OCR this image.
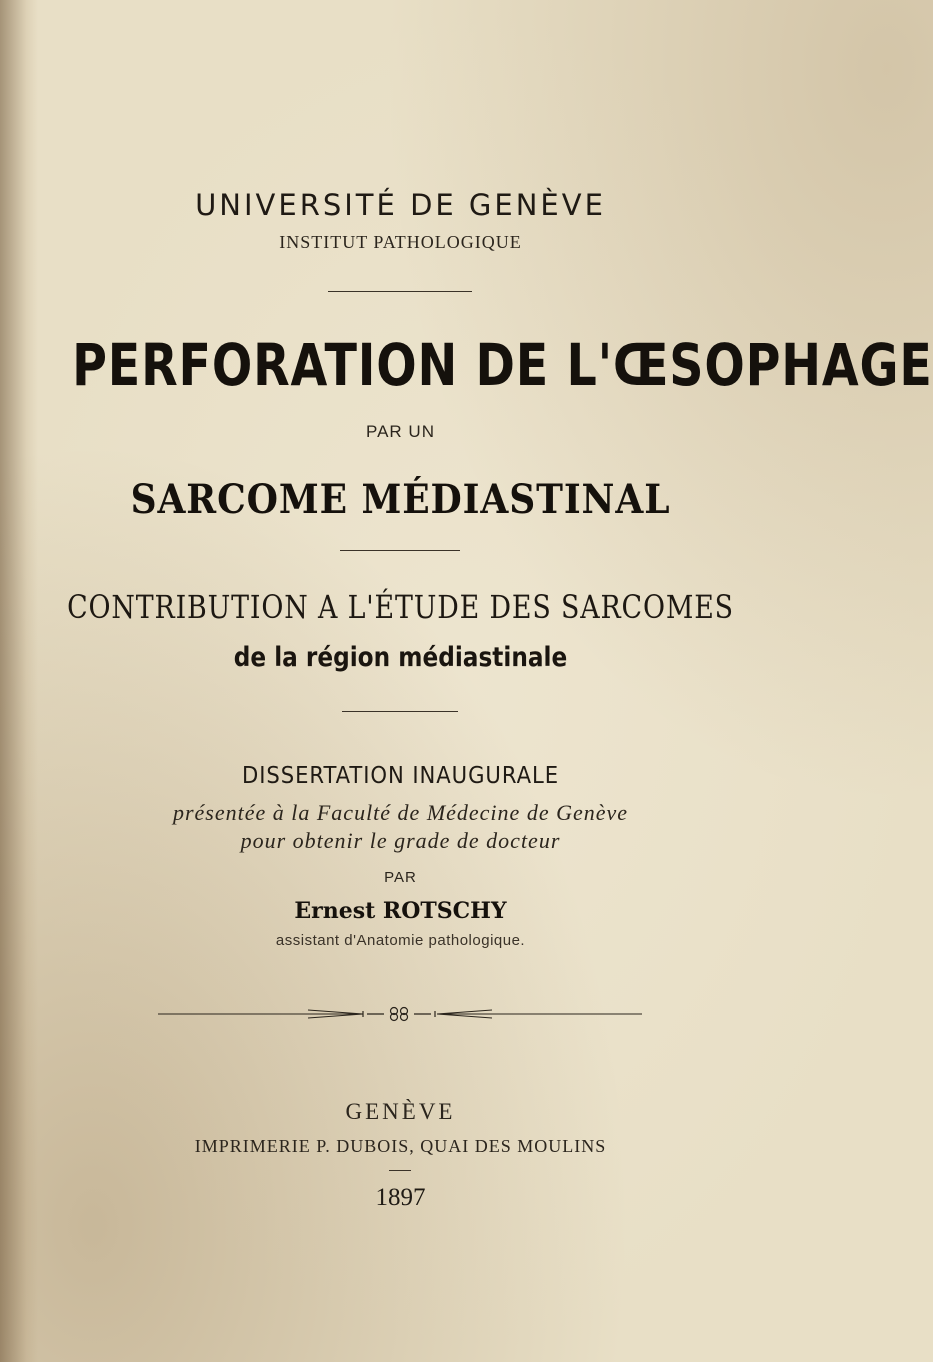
UNIVERSITÉ DE GENÈVE
INSTITUT PATHOLOGIQUE
PERFORATION DE L'ŒSOPHAGE
PAR UN
SARCOME MÉDIASTINAL
CONTRIBUTION A L'ÉTUDE DES SARCOMES
de la région médiastinale
DISSERTATION INAUGURALE
présentée à la Faculté de Médecine de Genève
pour obtenir le grade de docteur
PAR
Ernest ROTSCHY
assistant d'Anatomie pathologique.
GENÈVE
IMPRIMERIE P. DUBOIS, QUAI DES MOULINS
1897
